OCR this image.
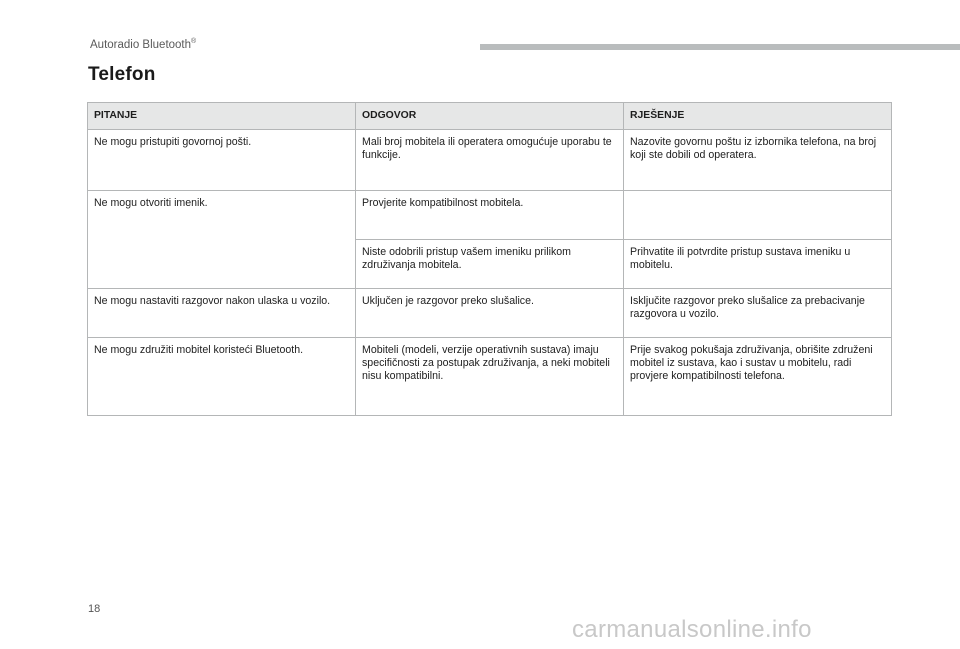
Autoradio Bluetooth®
Telefon
PITANJE	ODGOVOR	RJEŠENJE
Ne mogu pristupiti govornoj pošti.	Mali broj mobitela ili operatera omogućuje uporabu te funkcije.	Nazovite govornu poštu iz izbornika telefona, na broj koji ste dobili od operatera.
Ne mogu otvoriti imenik.	Provjerite kompatibilnost mobitela.	
	Niste odobrili pristup vašem imeniku prilikom združivanja mobitela.	Prihvatite ili potvrdite pristup sustava imeniku u mobitelu.
Ne mogu nastaviti razgovor nakon ulaska u vozilo.	Uključen je razgovor preko slušalice.	Isključite razgovor preko slušalice za prebacivanje razgovora u vozilo.
Ne mogu združiti mobitel koristeći Bluetooth.	Mobiteli (modeli, verzije operativnih sustava) imaju specifičnosti za postupak združivanja, a neki mobiteli nisu kompatibilni.	Prije svakog pokušaja združivanja, obrišite združeni mobitel iz sustava, kao i sustav u mobitelu, radi provjere kompatibilnosti telefona.
18
carmanualsonline.info
